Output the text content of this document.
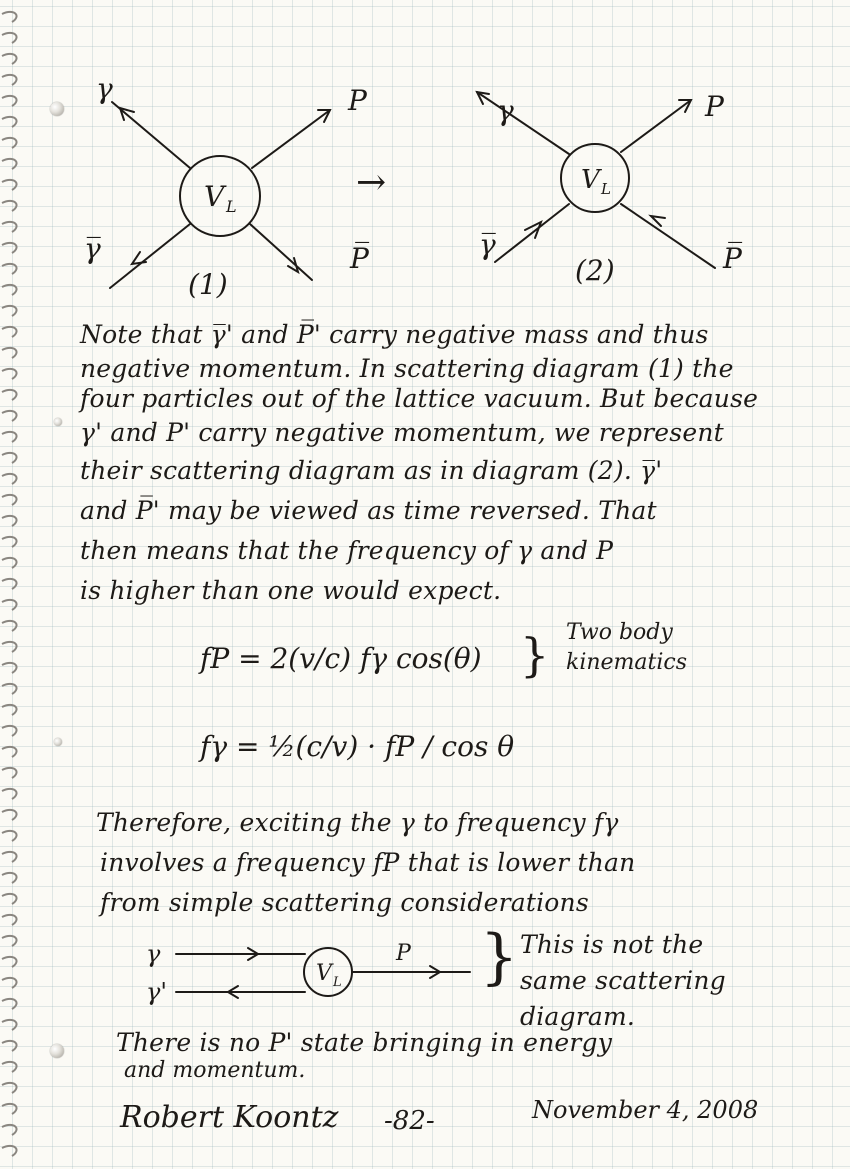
γ	P
γ̅	P̅
V L
(1)
→
γ	P
γ̅	P̅
V L
(2)
Note that γ̅' and P̅' carry negative mass and thus
negative momentum. In scattering diagram (1) the
four particles out of the lattice vacuum. But because
γ' and P' carry negative momentum, we represent
their scattering diagram as in diagram (2). γ̅'
and P̅' may be viewed as time reversed. That
then means that the frequency of γ and P
is higher than one would expect.
fP = 2(v/c) fγ cos(θ) } Two body
kinematics
fγ = ½(c/v) · fP / cos θ
Therefore, exciting the γ to frequency fγ
involves a frequency fP that is lower than
from simple scattering considerations
γ
γ'
V L
P } This is not the
same scattering
diagram.
There is no P' state bringing in energy
and momentum.
Robert Koontz -82-	November 4, 2008
